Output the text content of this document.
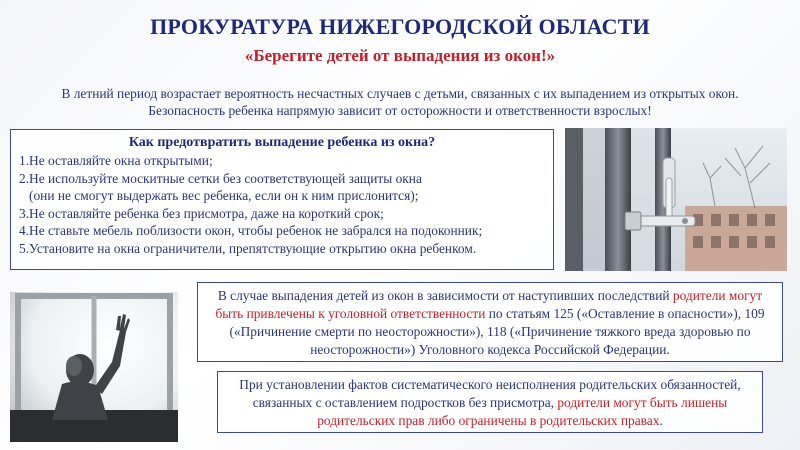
ПРОКУРАТУРА НИЖЕГОРОДСКОЙ ОБЛАСТИ
«Берегите детей от выпадения из окон!»
В летний период возрастает вероятность несчастных случаев с детьми, связанных с их выпадением из открытых окон.
Безопасность ребенка напрямую зависит от осторожности и ответственности взрослых!
Как предотвратить выпадение ребенка из окна?
1.Не оставляйте окна открытыми;
2.Не используйте москитные сетки без соответствующей защиты окна
(они не смогут выдержать вес ребенка, если он к ним прислонится);
3.Не оставляйте ребенка без присмотра, даже на короткий срок;
4.Не ставьте мебель поблизости окон, чтобы ребенок не забрался на подоконник;
5.Установите на окна ограничители, препятствующие открытию окна ребенком.
В случае выпадения детей из окон в зависимости от наступивших последствий родители могут быть привлечены к уголовной ответственности по статьям 125 («Оставление в опасности»), 109 («Причинение смерти по неосторожности»), 118 («Причинение тяжкого вреда здоровью по неосторожности») Уголовного кодекса Российской Федерации.
При установлении фактов систематического неисполнения родительских обязанностей, связанных с оставлением подростков без присмотра, родители могут быть лишены родительских прав либо ограничены в родительских правах.
